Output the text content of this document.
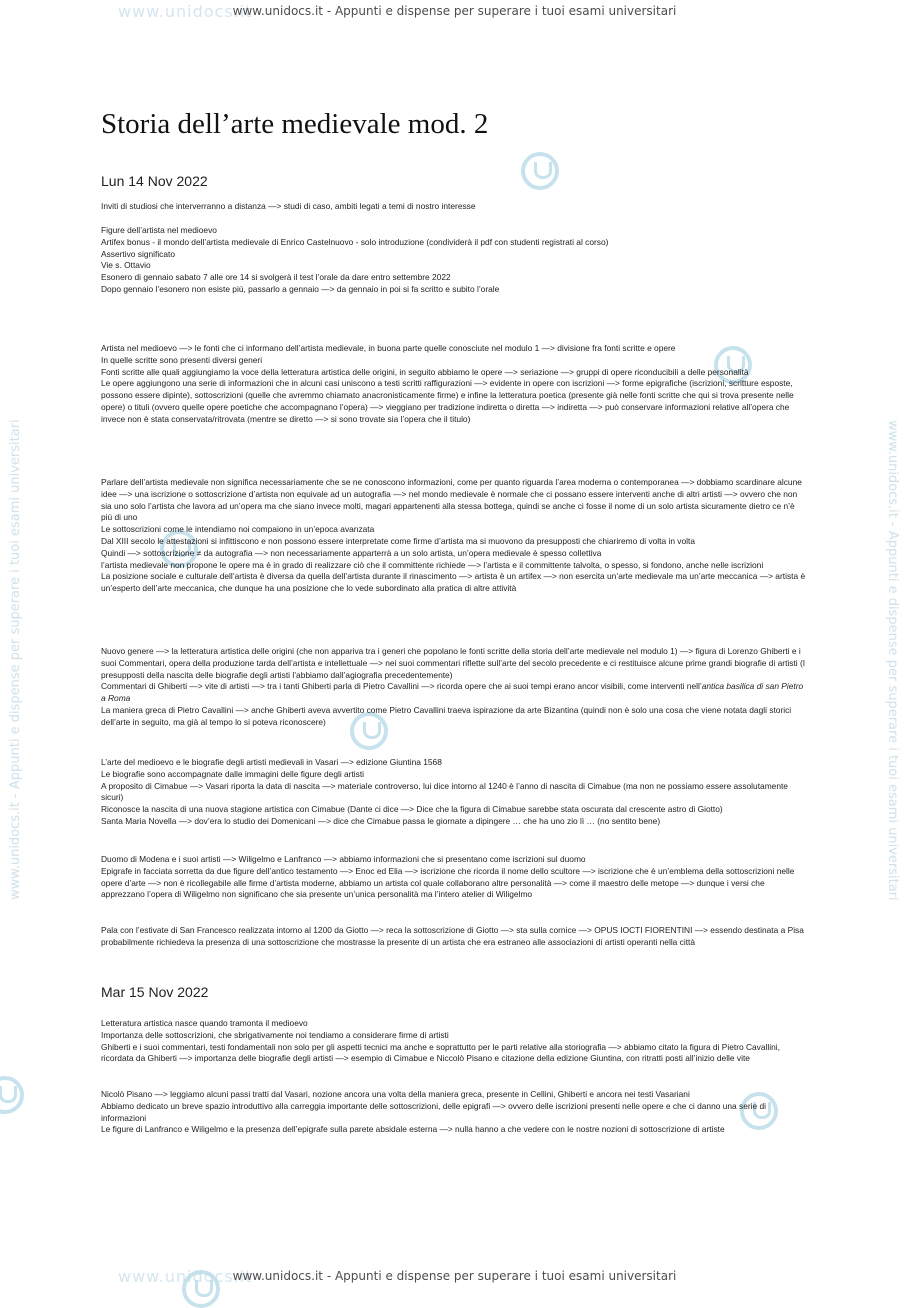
www.unidocs.it
www.unidocs.it - Appunti e dispense per superare i tuoi esami universitari
www.unidocs.it
www.unidocs.it - Appunti e dispense per superare i tuoi esami universitari
www.unidocs.it - Appunti e dispense per superare i tuoi esami universitari	www.unidocs.it - Appunti e dispense per superare i tuoi esami universitari
Storia dell’arte medievale mod. 2
Lun 14 Nov 2022
Inviti di studiosi che interverranno a distanza —> studi di caso, ambiti legati a temi di nostro interesse
Figure dell’artista nel medioevo
Artifex bonus - il mondo dell’artista medievale di Enrico Castelnuovo - solo introduzione (condividerà il pdf con studenti registrati al corso)
Assertivo significato
Vie s. Ottavio
Esonero di gennaio sabato 7 alle ore 14 si svolgerà il test l’orale da dare entro settembre 2022
Dopo gennaio l’esonero non esiste più, passarlo a gennaio —> da gennaio in poi si fa scritto e subito l’orale
Artista nel medioevo —> le fonti che ci informano dell’artista medievale, in buona parte quelle conosciute nel modulo 1 —> divisione fra fonti scritte e opere
In quelle scritte sono presenti diversi generi
Fonti scritte alle quali aggiungiamo la voce della letteratura artistica delle origini, in seguito abbiamo le opere —> seriazione —> gruppi di opere riconducibili a delle personalità
Le opere aggiungono una serie di informazioni che in alcuni casi uniscono a testi scritti raffigurazioni —> evidente in opere con iscrizioni —> forme epigrafiche (iscrizioni, scritture esposte, possono essere dipinte), sottoscrizioni (quelle che avremmo chiamato anacronisticamente firme) e infine la letteratura poetica (presente già nelle fonti scritte che qui si trova presente nelle opere) o tituli (ovvero quelle opere poetiche che accompagnano l’opera) —> vieggiano per tradizione indiretta o diretta —> indiretta —> può conservare informazioni relative all’opera che invece non è stata conservata/ritrovata (mentre se diretto —> si sono trovate sia l’opera che il titulo)
Parlare dell’artista medievale non significa necessariamente che se ne conoscono informazioni, come per quanto riguarda l’area moderna o contemporanea —> dobbiamo scardinare alcune idee —> una iscrizione o sottoscrizione d’artista non equivale ad un autografia —> nel mondo medievale è normale che ci possano essere interventi anche di altri artisti —> ovvero che non sia uno solo l’artista che lavora ad un’opera ma che siano invece molti, magari appartenenti alla stessa bottega, quindi se anche ci fosse il nome di un solo artista sicuramente dietro ce n’è più di uno
Le sottoscrizioni come le intendiamo noi compaiono in un’epoca avanzata
Dal XIII secolo le attestazioni si infittiscono e non possono essere interpretate come firme d’artista ma si muovono da presupposti che chiariremo di volta in volta
Quindi —> sottoscrizione ≠ da autografia —> non necessariamente apparterrà a un solo artista, un’opera medievale è spesso collettiva
l’artista medievale non propone le opere ma è in grado di realizzare ciò che il committente richiede —> l’artista e il committente talvolta, o spesso, si fondono, anche nelle iscrizioni
La posizione sociale e culturale dell’artista è diversa da quella dell’artista durante il rinascimento —> artista è un artifex —> non esercita un’arte medievale ma un’arte meccanica —> artista è un’esperto dell’arte meccanica, che dunque ha una posizione che lo vede subordinato alla pratica di altre attività
Nuovo genere —> la letteratura artistica delle origini (che non appariva tra i generi che popolano le fonti scritte della storia dell’arte medievale nel modulo 1) —> figura di Lorenzo Ghiberti e i suoi Commentari, opera della produzione tarda dell’artista e intellettuale —> nei suoi commentari riflette sull’arte del secolo precedente e ci restituisce alcune prime grandi biografie di artisti (I presupposti della nascita delle biografie degli artisti l’abbiamo dall’agiografia precedentemente)
Commentari di Ghiberti —> vite di artisti —> tra i tanti Ghiberti parla di Pietro Cavallini —> ricorda opere che ai suoi tempi erano ancor visibili, come interventi nell’antica basilica di san Pietro a Roma
La maniera greca di Pietro Cavallini —> anche Ghiberti aveva avvertito come Pietro Cavallini traeva ispirazione da arte Bizantina (quindi non è solo una cosa che viene notata dagli storici dell’arte in seguito, ma già al tempo lo si poteva riconoscere)
L’arte del medioevo e le biografie degli artisti medievali in Vasari —> edizione Giuntina 1568
Le biografie sono accompagnate dalle immagini delle figure degli artisti
A proposito di Cimabue —> Vasari riporta la data di nascita —> materiale controverso, lui dice intorno al 1240 è l’anno di nascita di Cimabue (ma non ne possiamo essere assolutamente sicuri)
Riconosce la nascita di una nuova stagione artistica con Cimabue (Dante ci dice —> Dice che la figura di Cimabue sarebbe stata oscurata dal crescente astro di Giotto)
Santa Maria Novella —> dov’era lo studio dei Domenicani —> dice che Cimabue passa le giornate a dipingere … che ha uno zio lì … (no sentito bene)
Duomo di Modena e i suoi artisti —> Wiligelmo e Lanfranco —> abbiamo informazioni che si presentano come iscrizioni sul duomo
Epigrafe in facciata sorretta da due figure dell’antico testamento —> Enoc ed Elia —> iscrizione che ricorda il nome dello scultore —> iscrizione che è un’emblema della sottoscrizioni nelle opere d’arte —> non è ricollegabile alle firme d’artista moderne, abbiamo un artista col quale collaborano altre personalità —> come il maestro delle metope —> dunque i versi che apprezzano l’opera di Wiligelmo non significano che sia presente un’unica personalità ma l’intero atelier di Wiligelmo
Pala con l’estivate di San Francesco realizzata intorno al 1200 da Giotto —> reca la sottoscrizione di Giotto —> sta sulla cornice —> OPUS IOCTI FIORENTINI —> essendo destinata a Pisa probabilmente richiedeva la presenza di una sottoscrizione che mostrasse la presente di un artista che era estraneo alle associazioni di artisti operanti nella città
Mar 15 Nov 2022
Letteratura artistica nasce quando tramonta il medioevo
Importanza delle sottoscrizioni, che sbrigativamente noi tendiamo a considerare firme di artisti
Ghiberti e i suoi commentari, testi fondamentali non solo per gli aspetti tecnici ma anche e soprattutto per le parti relative alla storiografia —> abbiamo citato la figura di Pietro Cavallini, ricordata da Ghiberti —> importanza delle biografie degli artisti —> esempio di Cimabue e Niccolò Pisano e citazione della edizione Giuntina, con ritratti posti all’inizio delle vite
Nicolò Pisano —> leggiamo alcuni passi tratti dal Vasari, nozione ancora una volta della maniera greca, presente in Cellini, Ghiberti e ancora nei testi Vasariani
Abbiamo dedicato un breve spazio introduttivo alla carreggia importante delle sottoscrizioni, delle epigrafi —> ovvero delle iscrizioni presenti nelle opere e che ci danno una serie di informazioni
Le figure di Lanfranco e Wiligelmo e la presenza dell’epigrafe sulla parete absidale esterna —> nulla hanno a che vedere con le nostre nozioni di sottoscrizione di artiste
